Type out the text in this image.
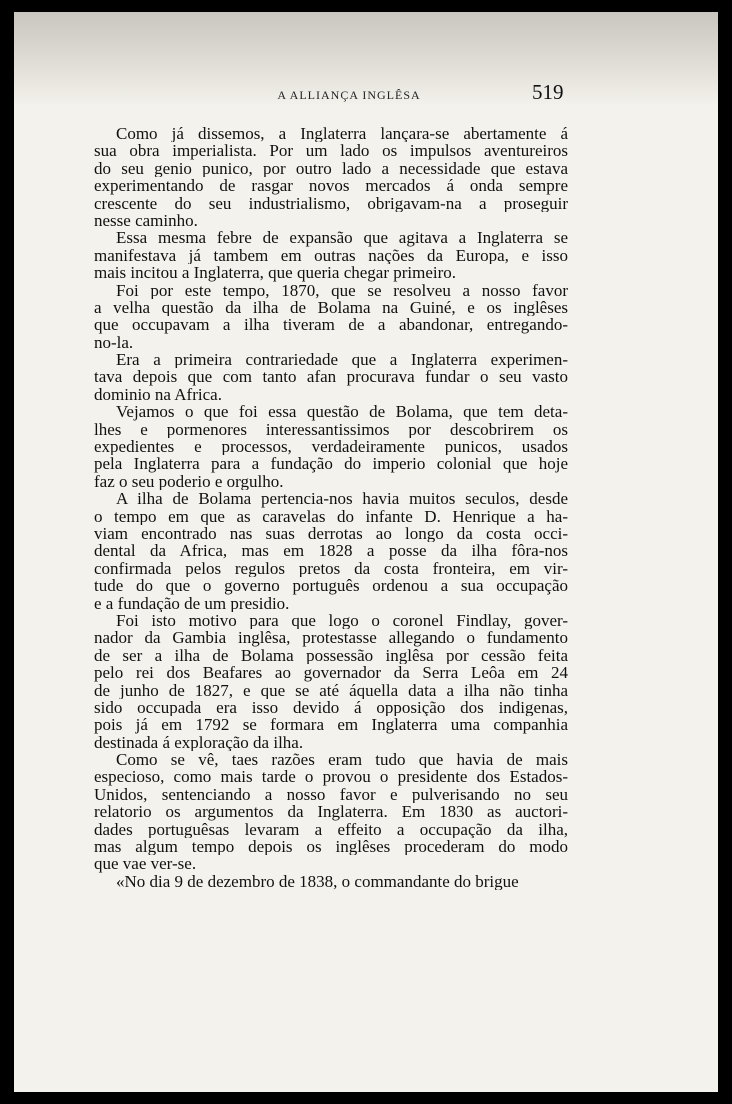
A ALLIANÇA INGLÊSA	519
Como já dissemos, a Inglaterra lançara-se abertamente á
sua obra imperialista. Por um lado os impulsos aventureiros
do seu genio punico, por outro lado a necessidade que estava
experimentando de rasgar novos mercados á onda sempre
crescente do seu industrialismo, obrigavam-na a proseguir
nesse caminho.
Essa mesma febre de expansão que agitava a Inglaterra se
manifestava já tambem em outras nações da Europa, e isso
mais incitou a Inglaterra, que queria chegar primeiro.
Foi por este tempo, 1870, que se resolveu a nosso favor
a velha questão da ilha de Bolama na Guiné, e os inglêses
que occupavam a ilha tiveram de a abandonar, entregando-
no-la.
Era a primeira contrariedade que a Inglaterra experimen-
tava depois que com tanto afan procurava fundar o seu vasto
dominio na Africa.
Vejamos o que foi essa questão de Bolama, que tem deta-
lhes e pormenores interessantissimos por descobrirem os
expedientes e processos, verdadeiramente punicos, usados
pela Inglaterra para a fundação do imperio colonial que hoje
faz o seu poderio e orgulho.
A ilha de Bolama pertencia-nos havia muitos seculos, desde
o tempo em que as caravelas do infante D. Henrique a ha-
viam encontrado nas suas derrotas ao longo da costa occi-
dental da Africa, mas em 1828 a posse da ilha fôra-nos
confirmada pelos regulos pretos da costa fronteira, em vir-
tude do que o governo português ordenou a sua occupação
e a fundação de um presidio.
Foi isto motivo para que logo o coronel Findlay, gover-
nador da Gambia inglêsa, protestasse allegando o fundamento
de ser a ilha de Bolama possessão inglêsa por cessão feita
pelo rei dos Beafares ao governador da Serra Leôa em 24
de junho de 1827, e que se até áquella data a ilha não tinha
sido occupada era isso devido á opposição dos indigenas,
pois já em 1792 se formara em Inglaterra uma companhia
destinada á exploração da ilha.
Como se vê, taes razões eram tudo que havia de mais
especioso, como mais tarde o provou o presidente dos Estados-
Unidos, sentenciando a nosso favor e pulverisando no seu
relatorio os argumentos da Inglaterra. Em 1830 as auctori-
dades portuguêsas levaram a effeito a occupação da ilha,
mas algum tempo depois os inglêses procederam do modo
que vae ver-se.
«No dia 9 de dezembro de 1838, o commandante do brigue
